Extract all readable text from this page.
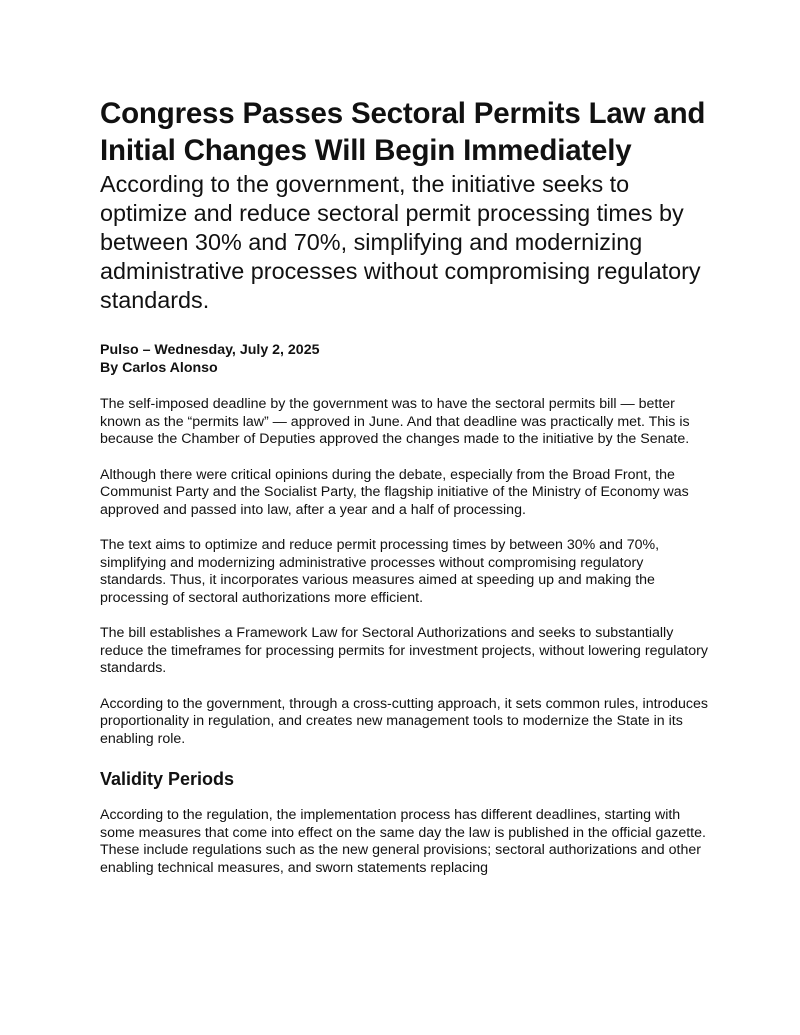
Congress Passes Sectoral Permits Law and Initial Changes Will Begin Immediately
According to the government, the initiative seeks to optimize and reduce sectoral permit processing times by between 30% and 70%, simplifying and modernizing administrative processes without compromising regulatory standards.
Pulso – Wednesday, July 2, 2025
By Carlos Alonso

The self-imposed deadline by the government was to have the sectoral permits bill — better known as the “permits law” — approved in June. And that deadline was practically met. This is because the Chamber of Deputies approved the changes made to the initiative by the Senate.

Although there were critical opinions during the debate, especially from the Broad Front, the Communist Party and the Socialist Party, the flagship initiative of the Ministry of Economy was approved and passed into law, after a year and a half of processing.

The text aims to optimize and reduce permit processing times by between 30% and 70%, simplifying and modernizing administrative processes without compromising regulatory standards. Thus, it incorporates various measures aimed at speeding up and making the processing of sectoral authorizations more efficient.

The bill establishes a Framework Law for Sectoral Authorizations and seeks to substantially reduce the timeframes for processing permits for investment projects, without lowering regulatory standards.

According to the government, through a cross-cutting approach, it sets common rules, introduces proportionality in regulation, and creates new management tools to modernize the State in its enabling role.

Validity Periods

According to the regulation, the implementation process has different deadlines, starting with some measures that come into effect on the same day the law is published in the official gazette. These include regulations such as the new general provisions; sectoral authorizations and other enabling technical measures, and sworn statements replacing
